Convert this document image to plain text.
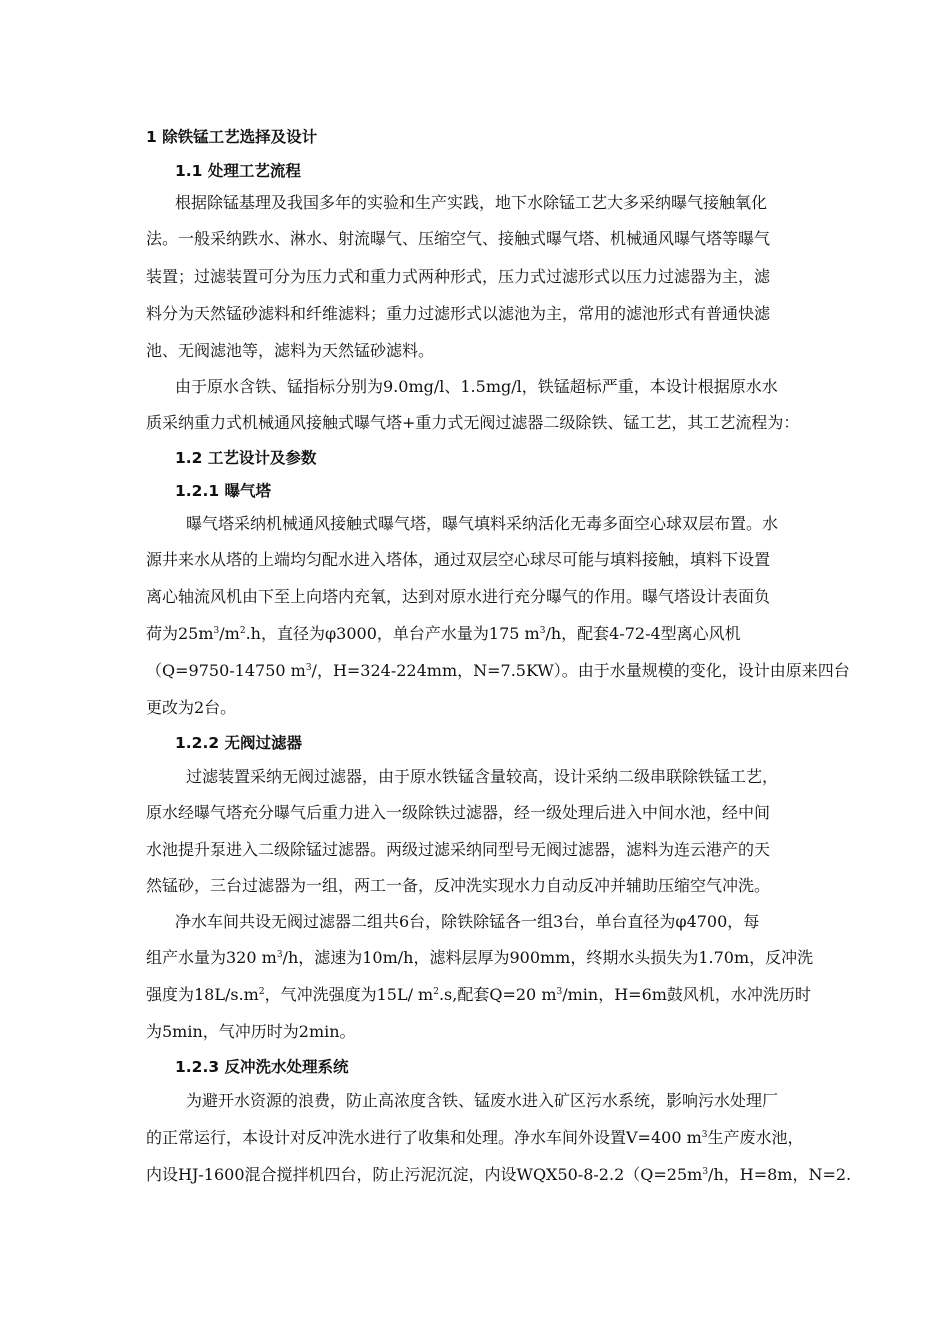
1 除铁锰工艺选择及设计
1.1 处理工艺流程
根据除锰基理及我国多年的实验和生产实践，地下水除锰工艺大多采纳曝气接触氧化
法。一般采纳跌水、淋水、射流曝气、压缩空气、接触式曝气塔、机械通风曝气塔等曝气
装置；过滤装置可分为压力式和重力式两种形式，压力式过滤形式以压力过滤器为主，滤
料分为天然锰砂滤料和纤维滤料；重力过滤形式以滤池为主，常用的滤池形式有普通快滤
池、无阀滤池等，滤料为天然锰砂滤料。
由于原水含铁、锰指标分别为9.0mg/l、1.5mg/l，铁锰超标严重，本设计根据原水水
质采纳重力式机械通风接触式曝气塔+重力式无阀过滤器二级除铁、锰工艺，其工艺流程为：
1.2 工艺设计及参数
1.2.1 曝气塔
曝气塔采纳机械通风接触式曝气塔，曝气填料采纳活化无毒多面空心球双层布置。水
源井来水从塔的上端均匀配水进入塔体，通过双层空心球尽可能与填料接触，填料下设置
离心轴流风机由下至上向塔内充氧，达到对原水进行充分曝气的作用。曝气塔设计表面负
荷为$25m^3/m^2.h$，直径为φ3000，单台产水量为175 $m^3/h$，配套4-72-4型离心风机
（Q=9750-14750 $m^3/$，H=324-224mm，N=7.5KW）。由于水量规模的变化，设计由原来四台
更改为2台。
1.2.2 无阀过滤器
过滤装置采纳无阀过滤器，由于原水铁锰含量较高，设计采纳二级串联除铁锰工艺，
原水经曝气塔充分曝气后重力进入一级除铁过滤器，经一级处理后进入中间水池，经中间
水池提升泵进入二级除锰过滤器。两级过滤采纳同型号无阀过滤器，滤料为连云港产的天
然锰砂，三台过滤器为一组，两工一备，反冲洗实现水力自动反冲并辅助压缩空气冲洗。
净水车间共设无阀过滤器二组共6台，除铁除锰各一组3台，单台直径为φ4700，每
组产水量为320 $m^3/h$，滤速为10m/h，滤料层厚为900mm，终期水头损失为1.70m，反冲洗
强度为$18L/s.m^2$，气冲洗强度为15L/ $m^2.s$,配套Q=20 $m^3/\min$，H=6m鼓风机，水冲洗历时
为5min，气冲历时为2min。
1.2.3 反冲洗水处理系统
为避开水资源的浪费，防止高浓度含铁、锰废水进入矿区污水系统，影响污水处理厂
的正常运行，本设计对反冲洗水进行了收集和处理。净水车间外设置V=400 $m^3$生产废水池，
内设HJ-1600混合搅拌机四台，防止污泥沉淀，内设$WQX50-8-2.2(Q=25m^3/h$，H=8m，N=2.
